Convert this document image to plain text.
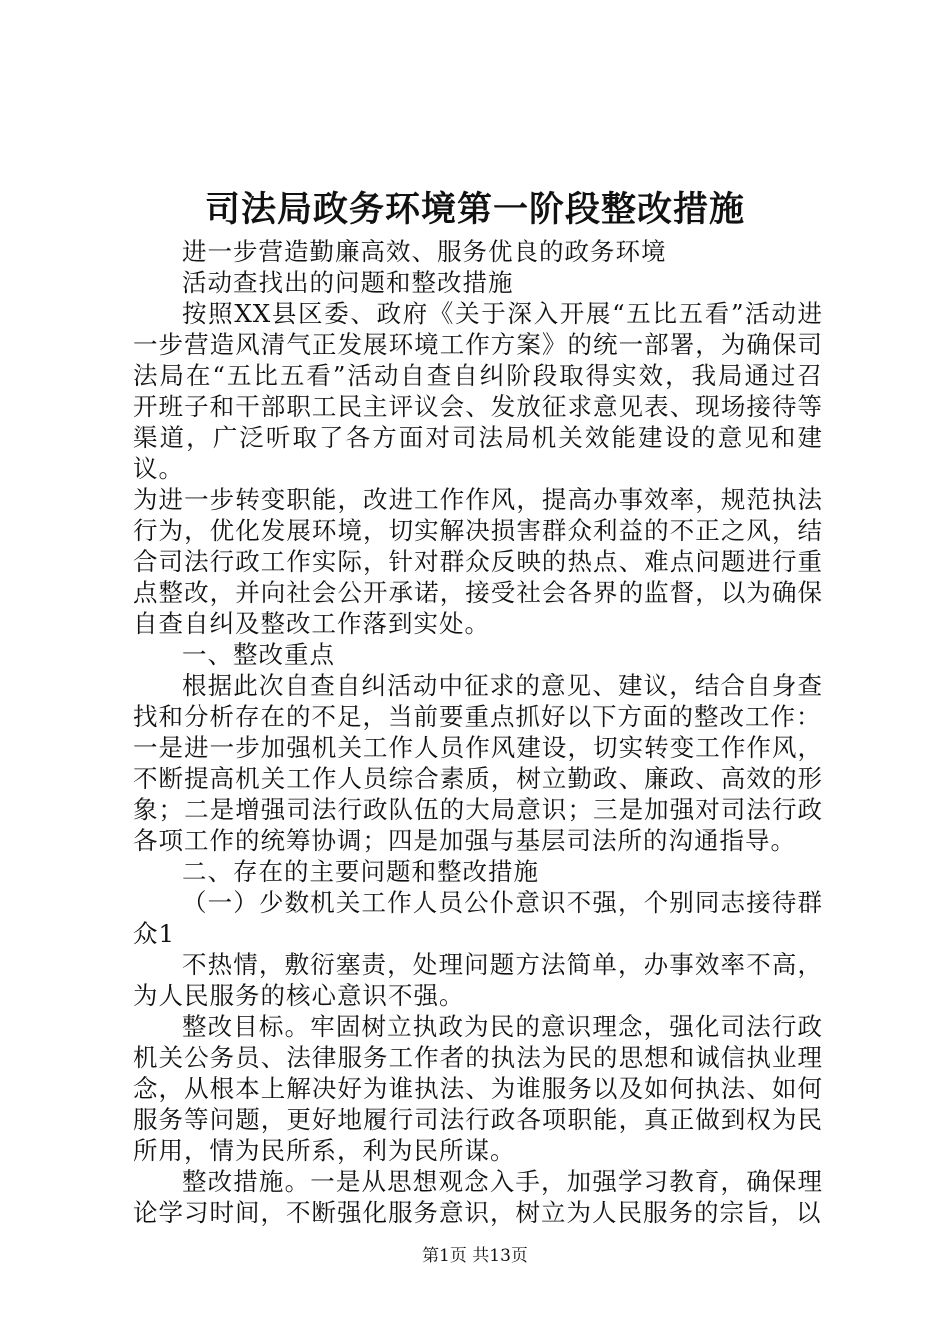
司法局政务环境第一阶段整改措施

进一步营造勤廉高效、服务优良的政务环境

活动查找出的问题和整改措施

按照XX县区委、政府《关于深入开展“五比五看”活动进一步营造风清气正发展环境工作方案》的统一部署，为确保司法局在“五比五看”活动自查自纠阶段取得实效，我局通过召开班子和干部职工民主评议会、发放征求意见表、现场接待等渠道，广泛听取了各方面对司法局机关效能建设的意见和建议。

为进一步转变职能，改进工作作风，提高办事效率，规范执法行为，优化发展环境，切实解决损害群众利益的不正之风，结合司法行政工作实际，针对群众反映的热点、难点问题进行重点整改，并向社会公开承诺，接受社会各界的监督，以为确保自查自纠及整改工作落到实处。

一、整改重点

根据此次自查自纠活动中征求的意见、建议，结合自身查找和分析存在的不足，当前要重点抓好以下方面的整改工作：

一是进一步加强机关工作人员作风建设，切实转变工作作风，不断提高机关工作人员综合素质，树立勤政、廉政、高效的形象；二是增强司法行政队伍的大局意识；三是加强对司法行政各项工作的统筹协调；四是加强与基层司法所的沟通指导。

二、存在的主要问题和整改措施

（一）少数机关工作人员公仆意识不强，个别同志接待群众1

不热情，敷衍塞责，处理问题方法简单，办事效率不高，为人民服务的核心意识不强。

整改目标。牢固树立执政为民的意识理念，强化司法行政机关公务员、法律服务工作者的执法为民的思想和诚信执业理念，从根本上解决好为谁执法、为谁服务以及如何执法、如何服务等问题，更好地履行司法行政各项职能，真正做到权为民所用，情为民所系，利为民所谋。

整改措施。一是从思想观念入手，加强学习教育，确保理论学习时间，不断强化服务意识，树立为人民服务的宗旨，以

第1页 共13页
